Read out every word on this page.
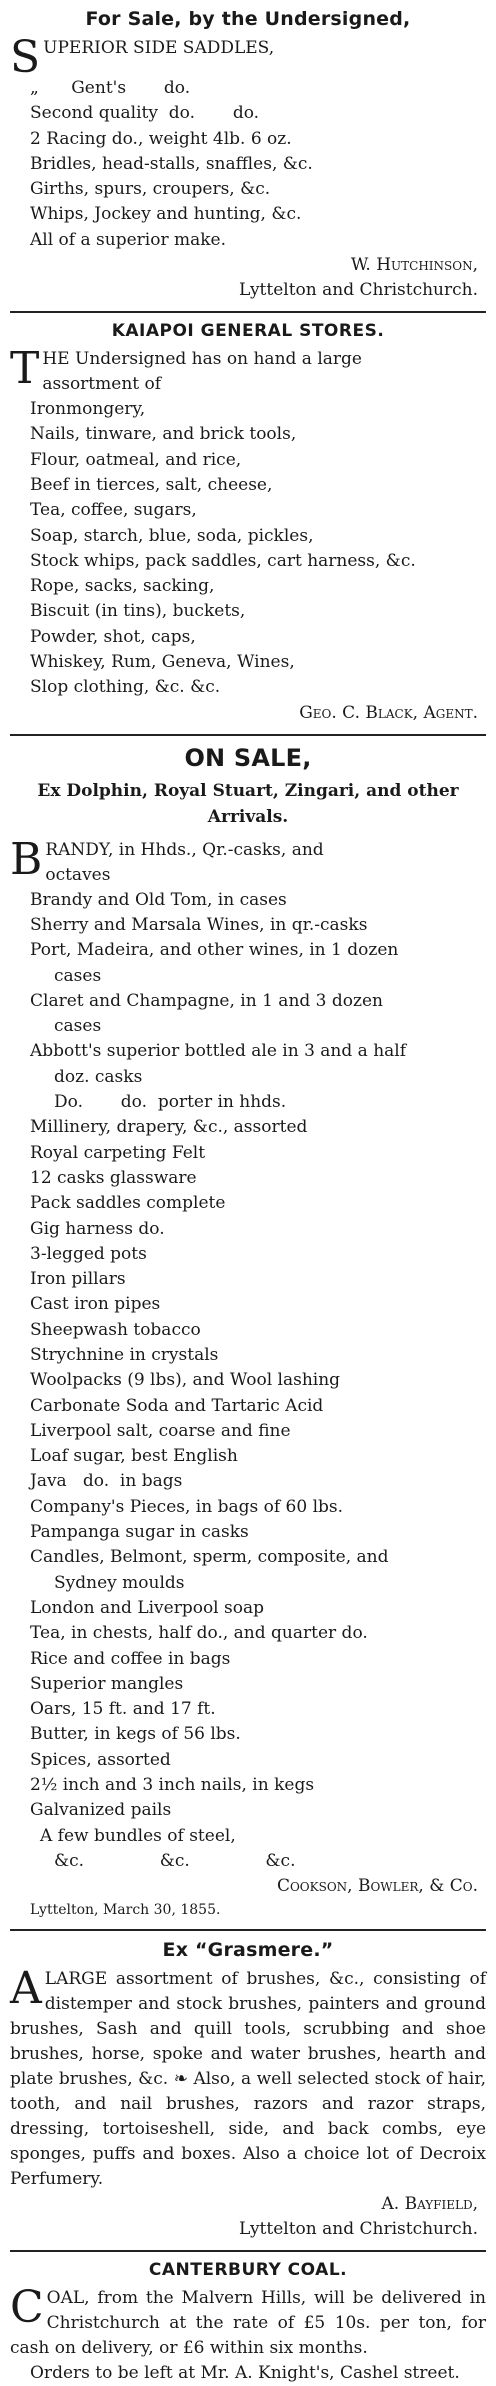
For Sale, by the Undersigned,
SUPERIOR SIDE SADDLES,
„      Gent's       do.
Second quality  do.       do.
2 Racing do., weight 4lb. 6 oz.
Bridles, head-stalls, snaffles, &c.
Girths, spurs, croupers, &c.
Whips, Jockey and hunting, &c.
All of a superior make.
W. Hutchinson,
Lyttelton and Christchurch.
KAIAPOI GENERAL STORES.
THE Undersigned has on hand a large
assortment of
Ironmongery,
Nails, tinware, and brick tools,
Flour, oatmeal, and rice,
Beef in tierces, salt, cheese,
Tea, coffee, sugars,
Soap, starch, blue, soda, pickles,
Stock whips, pack saddles, cart harness, &c.
Rope, sacks, sacking,
Biscuit (in tins), buckets,
Powder, shot, caps,
Whiskey, Rum, Geneva, Wines,
Slop clothing, &c. &c.
Geo. C. Black, Agent.
ON SALE,
Ex Dolphin, Royal Stuart, Zingari, and other Arrivals.
BRANDY, in Hhds., Qr.-casks, and
octaves
Brandy and Old Tom, in cases
Sherry and Marsala Wines, in qr.-casks
Port, Madeira, and other wines, in 1 dozen
cases
Claret and Champagne, in 1 and 3 dozen
cases
Abbott's superior bottled ale in 3 and a half
doz. casks
Do.       do.  porter in hhds.
Millinery, drapery, &c., assorted
Royal carpeting Felt
12 casks glassware
Pack saddles complete
Gig harness do.
3-legged pots
Iron pillars
Cast iron pipes
Sheepwash tobacco
Strychnine in crystals
Woolpacks (9 lbs), and Wool lashing
Carbonate Soda and Tartaric Acid
Liverpool salt, coarse and fine
Loaf sugar, best English
Java   do.  in bags
Company's Pieces, in bags of 60 lbs.
Pampanga sugar in casks
Candles, Belmont, sperm, composite, and
Sydney moulds
London and Liverpool soap
Tea, in chests, half do., and quarter do.
Rice and coffee in bags
Superior mangles
Oars, 15 ft. and 17 ft.
Butter, in kegs of 56 lbs.
Spices, assorted
2½ inch and 3 inch nails, in kegs
Galvanized pails
A few bundles of steel,
&c.              &c.              &c.
Cookson, Bowler, & Co.
Lyttelton, March 30, 1855.
Ex “Grasmere.”
ALARGE assortment of brushes, &c., consisting of distemper and stock brushes, painters and ground brushes, Sash and quill tools, scrubbing and shoe brushes, horse, spoke and water brushes, hearth and plate brushes, &c. ❧ Also, a well selected stock of hair, tooth, and nail brushes, razors and razor straps, dressing, tortoiseshell, side, and back combs, eye sponges, puffs and boxes. Also a choice lot of Decroix Perfumery.
A. Bayfield,
Lyttelton and Christchurch.
CANTERBURY COAL.
COAL, from the Malvern Hills, will be delivered in Christchurch at the rate of £5 10s. per ton, for cash on delivery, or £6 within six months.
Orders to be left at Mr. A. Knight's, Cashel street.
